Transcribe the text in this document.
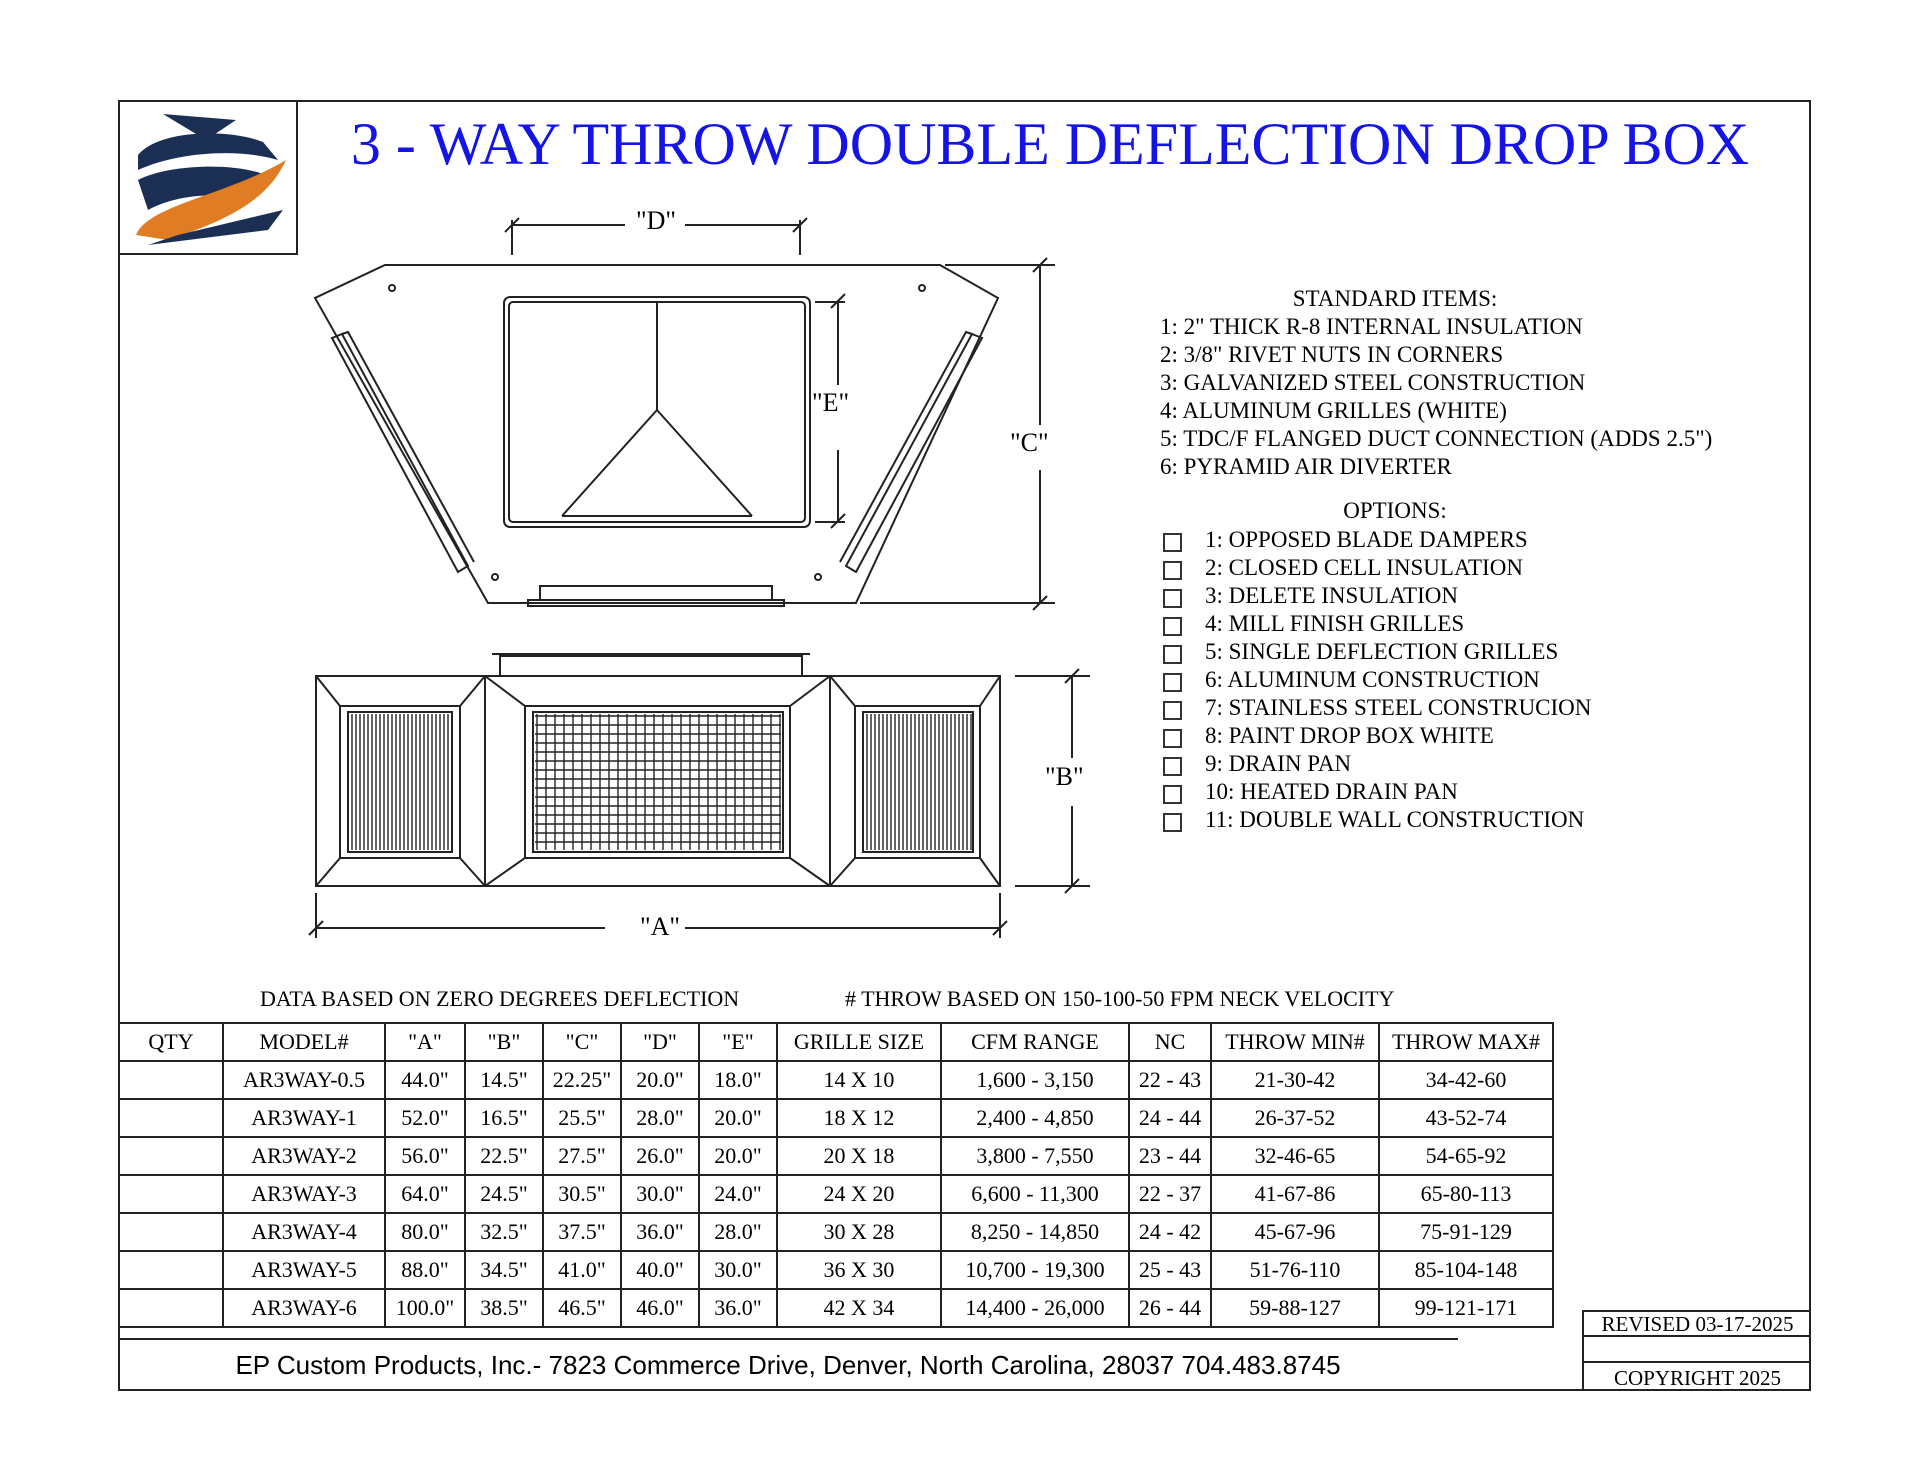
3 - WAY THROW DOUBLE DEFLECTION DROP BOX
"D"
"E"
"C"
"B"
"A"
STANDARD ITEMS:
1: 2" THICK R-8 INTERNAL INSULATION
2: 3/8" RIVET NUTS IN CORNERS
3: GALVANIZED STEEL CONSTRUCTION
4: ALUMINUM GRILLES (WHITE)
5: TDC/F FLANGED DUCT CONNECTION (ADDS 2.5")
6: PYRAMID AIR DIVERTER
OPTIONS:
1: OPPOSED BLADE DAMPERS
2: CLOSED CELL INSULATION
3: DELETE INSULATION
4: MILL FINISH GRILLES
5: SINGLE DEFLECTION GRILLES
6: ALUMINUM CONSTRUCTION
7: STAINLESS STEEL CONSTRUCION
8: PAINT DROP BOX WHITE
9: DRAIN PAN
10: HEATED DRAIN PAN
11: DOUBLE WALL CONSTRUCTION
DATA BASED ON ZERO DEGREES DEFLECTION	# THROW BASED ON 150-100-50 FPM NECK VELOCITY
QTY	MODEL#	"A"	"B"	"C"	"D"	"E"	GRILLE SIZE	CFM RANGE	NC	THROW MIN#	THROW MAX#
	AR3WAY-0.5	44.0"	14.5"	22.25"	20.0"	18.0"	14 X 10	1,600 - 3,150	22 - 43	21-30-42	34-42-60
	AR3WAY-1	52.0"	16.5"	25.5"	28.0"	20.0"	18 X 12	2,400 - 4,850	24 - 44	26-37-52	43-52-74
	AR3WAY-2	56.0"	22.5"	27.5"	26.0"	20.0"	20 X 18	3,800 - 7,550	23 - 44	32-46-65	54-65-92
	AR3WAY-3	64.0"	24.5"	30.5"	30.0"	24.0"	24 X 20	6,600 - 11,300	22 - 37	41-67-86	65-80-113
	AR3WAY-4	80.0"	32.5"	37.5"	36.0"	28.0"	30 X 28	8,250 - 14,850	24 - 42	45-67-96	75-91-129
	AR3WAY-5	88.0"	34.5"	41.0"	40.0"	30.0"	36 X 30	10,700 - 19,300	25 - 43	51-76-110	85-104-148
	AR3WAY-6	100.0"	38.5"	46.5"	46.0"	36.0"	42 X 34	14,400 - 26,000	26 - 44	59-88-127	99-121-171
EP Custom Products, Inc.- 7823 Commerce Drive, Denver, North Carolina, 28037 704.483.8745
REVISED 03-17-2025
COPYRIGHT 2025
